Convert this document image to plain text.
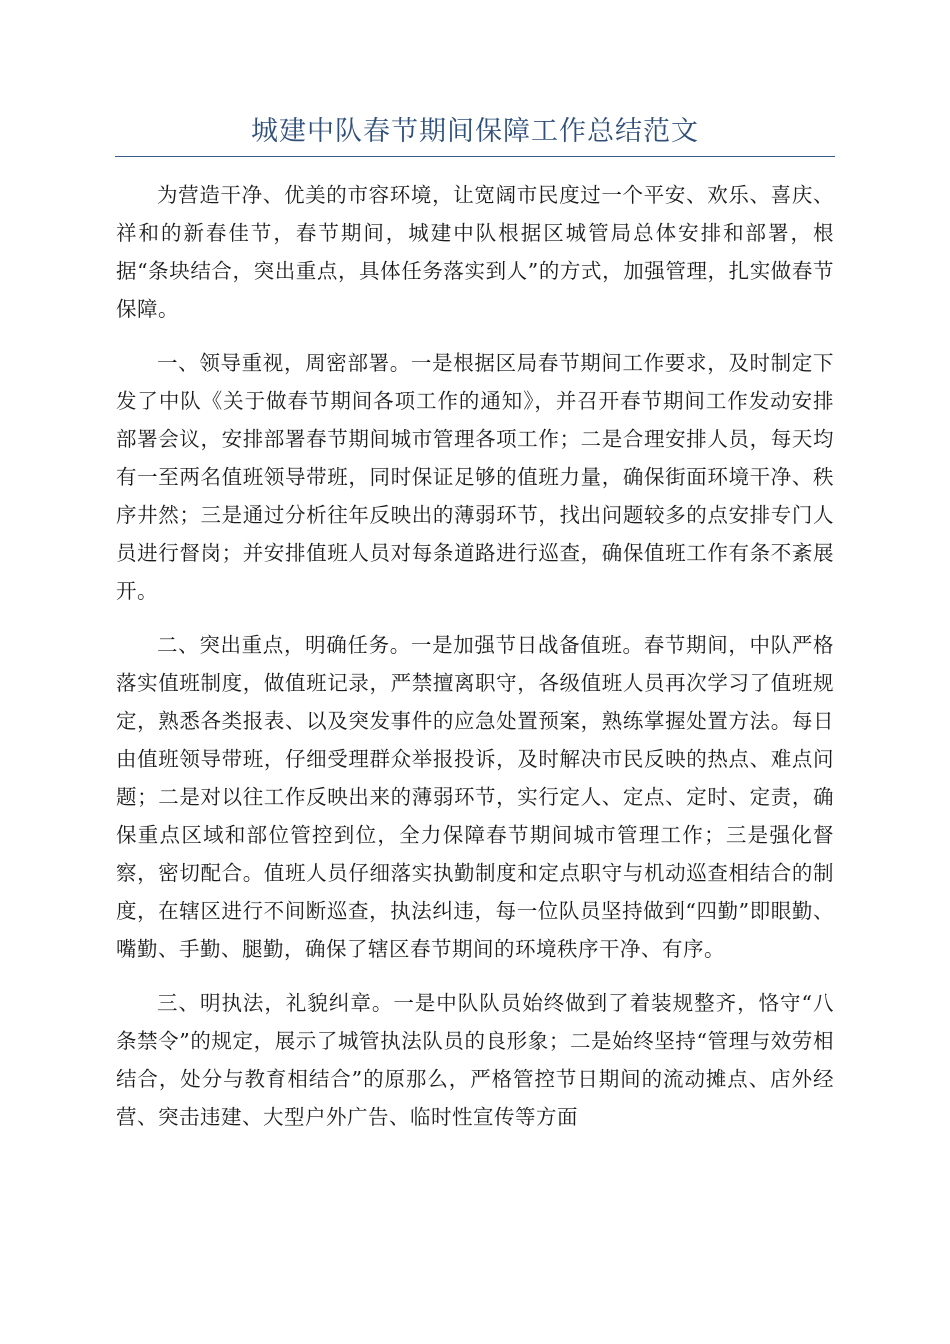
城建中队春节期间保障工作总结范文

为营造干净、优美的市容环境，让宽阔市民度过一个平安、欢乐、喜庆、祥和的新春佳节，春节期间，城建中队根据区城管局总体安排和部署，根据“条块结合，突出重点，具体任务落实到人”的方式，加强管理，扎实做春节保障。

一、领导重视，周密部署。一是根据区局春节期间工作要求，及时制定下发了中队《关于做春节期间各项工作的通知》，并召开春节期间工作发动安排部署会议，安排部署春节期间城市管理各项工作；二是合理安排人员，每天均有一至两名值班领导带班，同时保证足够的值班力量，确保街面环境干净、秩序井然；三是通过分析往年反映出的薄弱环节，找出问题较多的点安排专门人员进行督岗；并安排值班人员对每条道路进行巡查，确保值班工作有条不紊展开。

二、突出重点，明确任务。一是加强节日战备值班。春节期间，中队严格落实值班制度，做值班记录，严禁擅离职守，各级值班人员再次学习了值班规定，熟悉各类报表、以及突发事件的应急处置预案，熟练掌握处置方法。每日由值班领导带班，仔细受理群众举报投诉，及时解决市民反映的热点、难点问题；二是对以往工作反映出来的薄弱环节，实行定人、定点、定时、定责，确保重点区域和部位管控到位，全力保障春节期间城市管理工作；三是强化督察，密切配合。值班人员仔细落实执勤制度和定点职守与机动巡查相结合的制度，在辖区进行不间断巡查，执法纠违，每一位队员坚持做到“四勤”即眼勤、嘴勤、手勤、腿勤，确保了辖区春节期间的环境秩序干净、有序。

三、明执法，礼貌纠章。一是中队队员始终做到了着装规整齐，恪守“八条禁令”的规定，展示了城管执法队员的良形象；二是始终坚持“管理与效劳相结合，处分与教育相结合”的原那么，严格管控节日期间的流动摊点、店外经营、突击违建、大型户外广告、临时性宣传等方面
